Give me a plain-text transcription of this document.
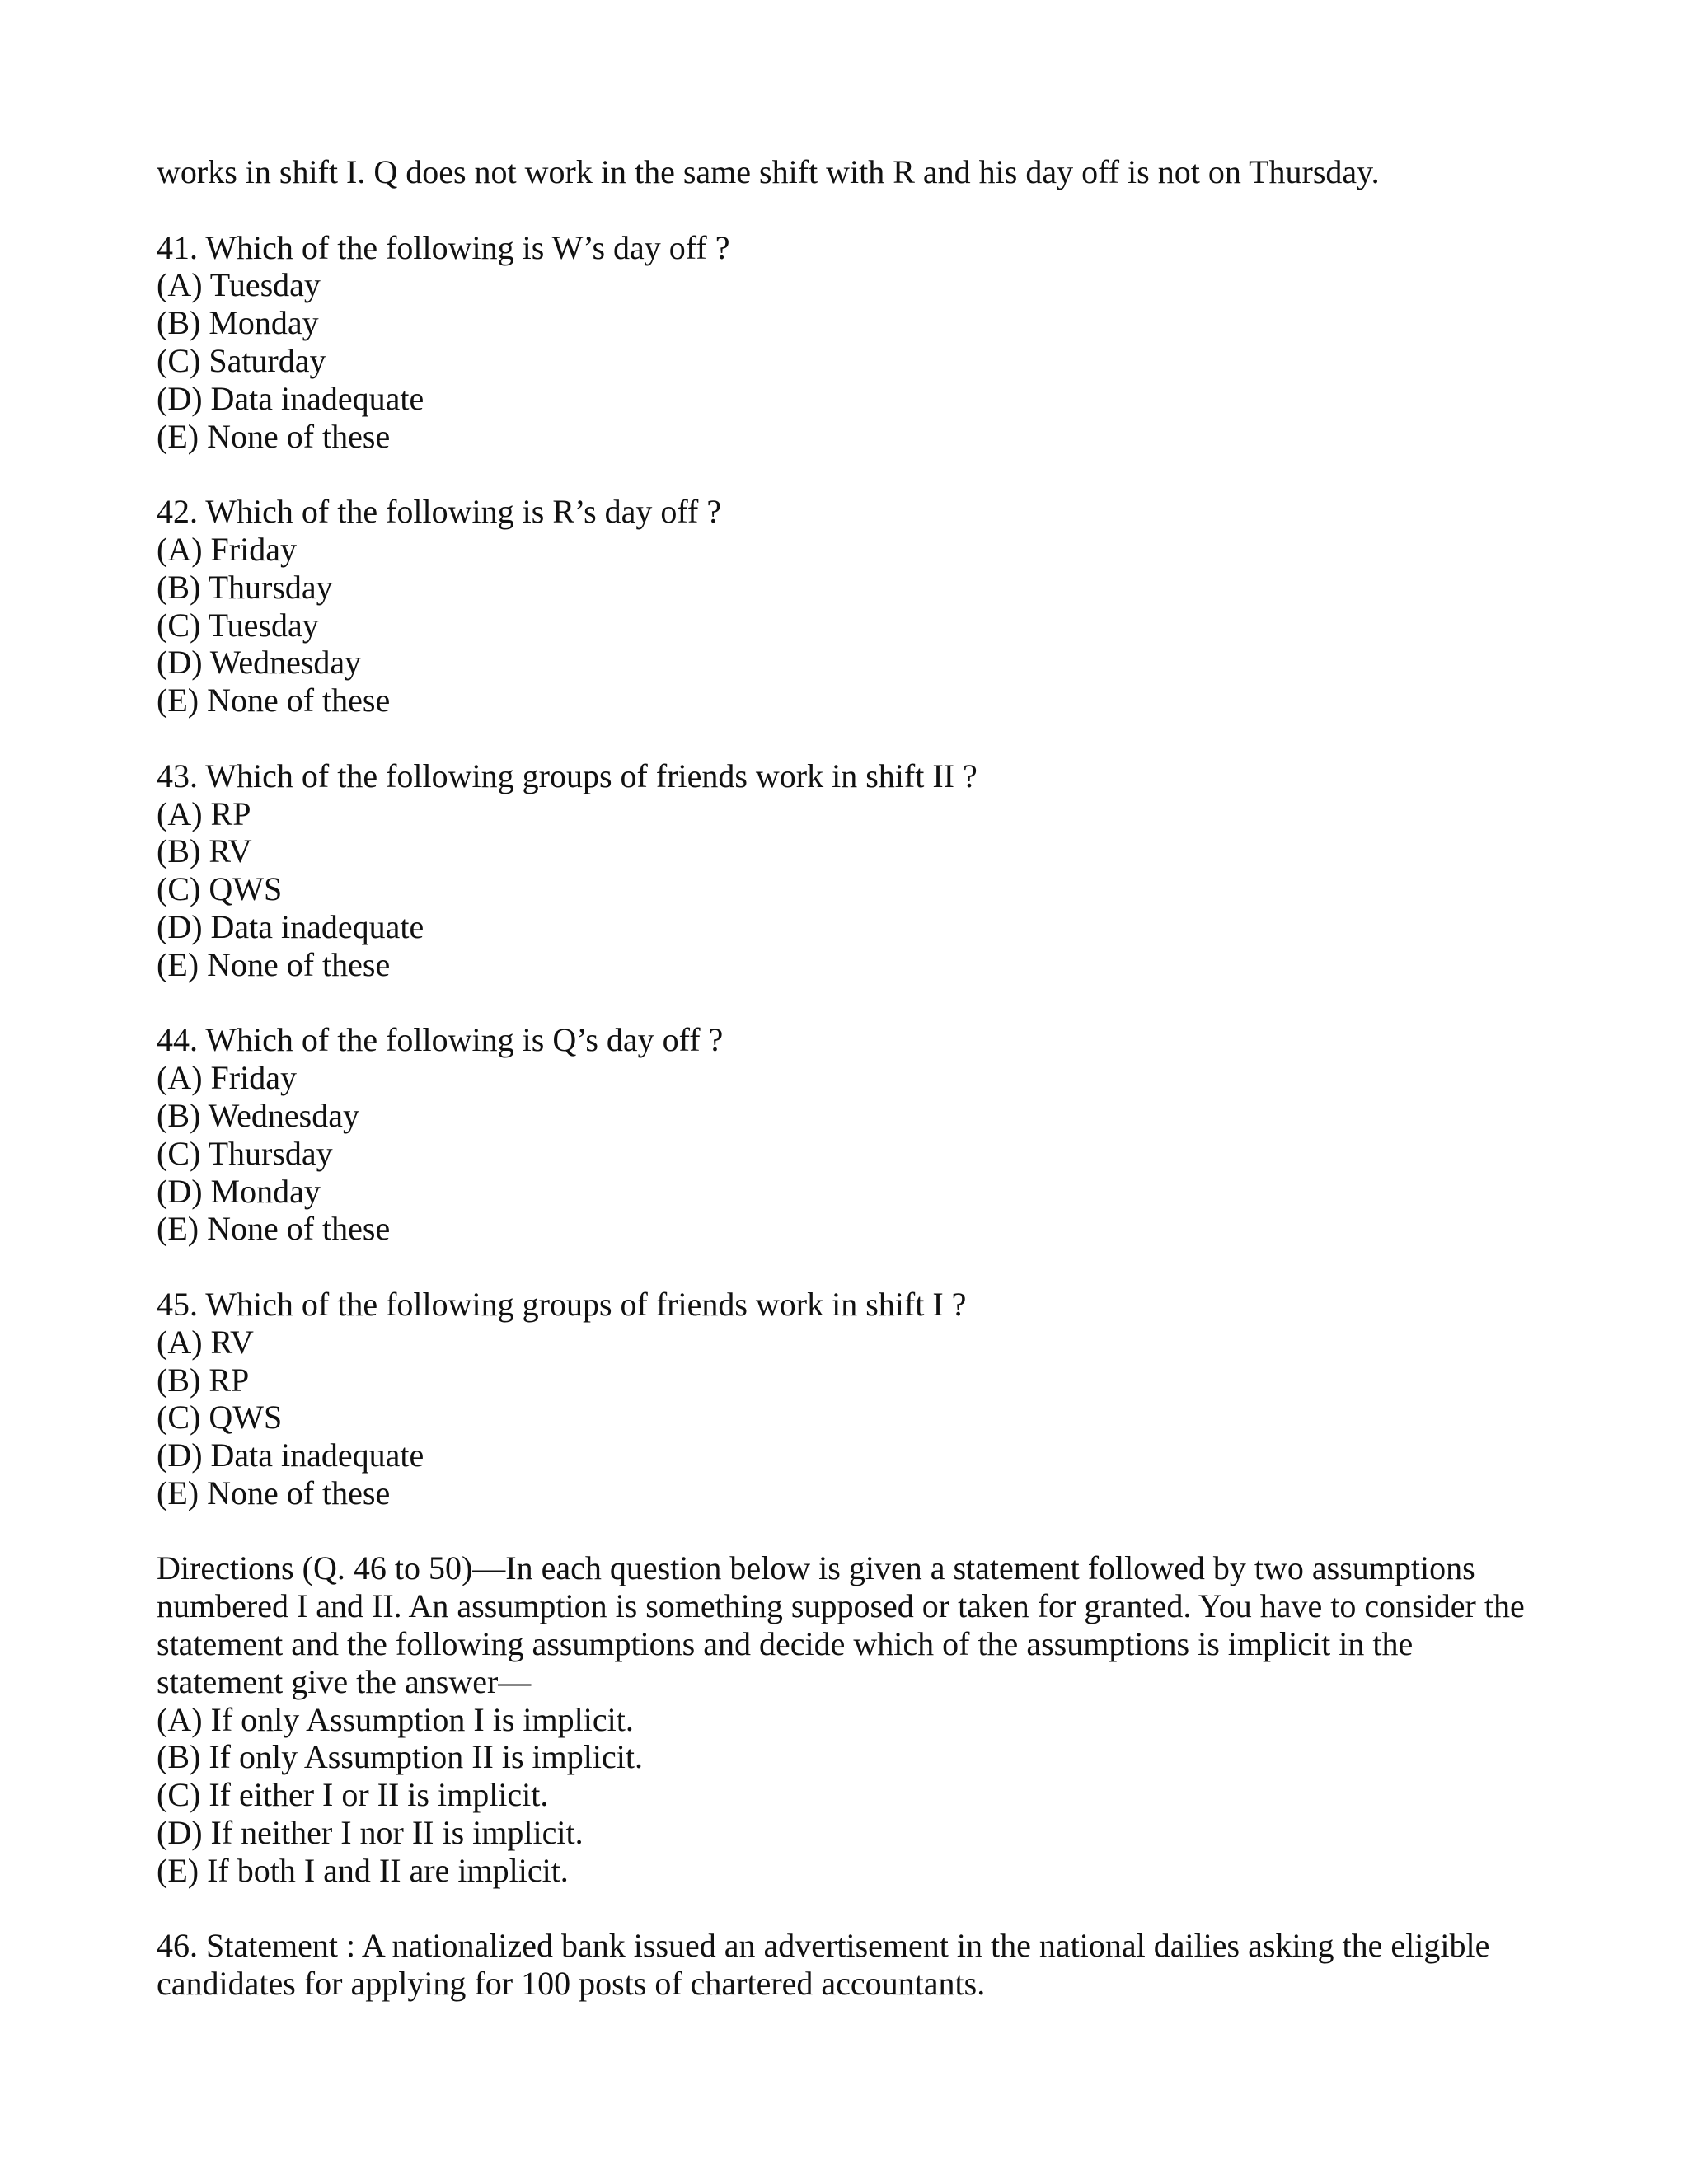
works in shift I. Q does not work in the same shift with R and his day off is not on Thursday.
41. Which of the following is W’s day off ?
(A) Tuesday
(B) Monday
(C) Saturday
(D) Data inadequate
(E) None of these
42. Which of the following is R’s day off ?
(A) Friday
(B) Thursday
(C) Tuesday
(D) Wednesday
(E) None of these
43. Which of the following groups of friends work in shift II ?
(A) RP
(B) RV
(C) QWS
(D) Data inadequate
(E) None of these
44. Which of the following is Q’s day off ?
(A) Friday
(B) Wednesday
(C) Thursday
(D) Monday
(E) None of these
45. Which of the following groups of friends work in shift I ?
(A) RV
(B) RP
(C) QWS
(D) Data inadequate
(E) None of these
Directions (Q. 46 to 50)—In each question below is given a statement followed by two assumptions
numbered I and II. An assumption is something supposed or taken for granted. You have to consider the
statement and the following assumptions and decide which of the assumptions is implicit in the
statement give the answer—
(A) If only Assumption I is implicit.
(B) If only Assumption II is implicit.
(C) If either I or II is implicit.
(D) If neither I nor II is implicit.
(E) If both I and II are implicit.
46. Statement : A nationalized bank issued an advertisement in the national dailies asking the eligible
candidates for applying for 100 posts of chartered accountants.
